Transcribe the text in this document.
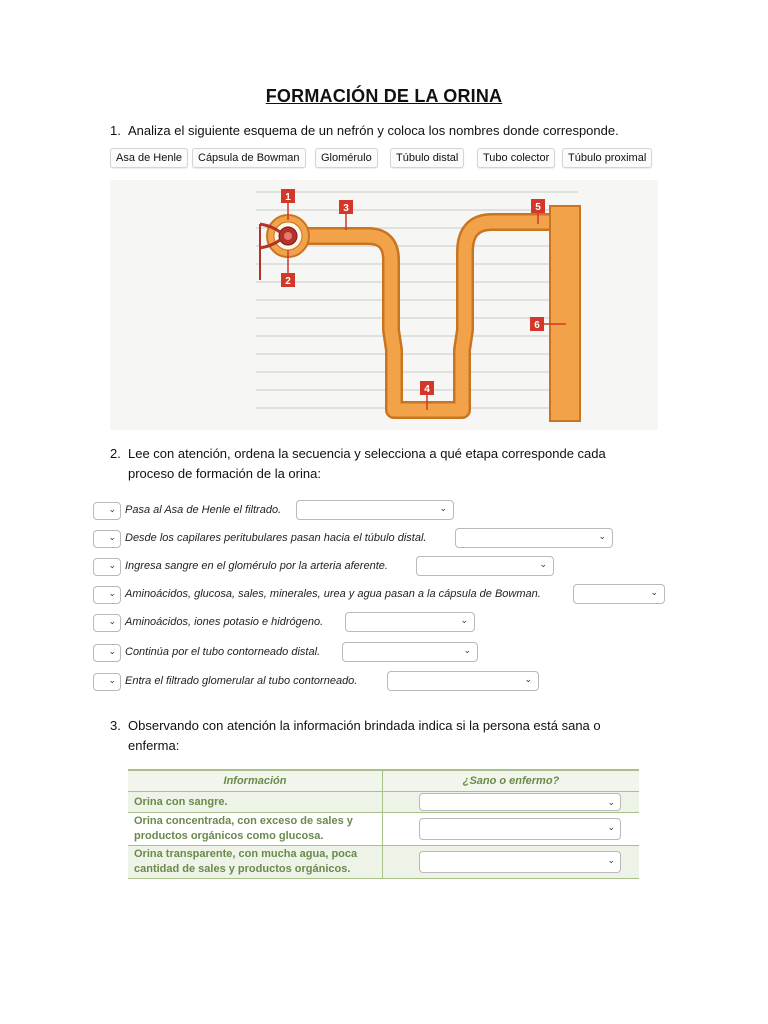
FORMACIÓN DE LA ORINA
1. Analiza el siguiente esquema de un nefrón y coloca los nombres donde corresponde.
Asa de Henle	Cápsula de Bowman	Glomérulo	Túbulo distal	Tubo colector	Túbulo proximal
1
2
3
4
5
6
2. Lee con atención, ordena la secuencia y selecciona a qué etapa corresponde cada proceso de formación de la orina:
⌄ Pasa al Asa de Henle el filtrado.	⌄
⌄ Desde los capilares peritubulares pasan hacia el túbulo distal.	⌄
⌄ Ingresa sangre en el glomérulo por la arteria aferente.	⌄
⌄ Aminoácidos, glucosa, sales, minerales, urea y agua pasan a la cápsula de Bowman.	⌄
⌄ Aminoácidos, iones potasio e hidrógeno.	⌄
⌄ Continúa por el tubo contorneado distal.	⌄
⌄ Entra el filtrado glomerular al tubo contorneado.	⌄
3. Observando con atención la información brindada indica si la persona está sana o enferma:
Información	¿Sano o enfermo?
Orina con sangre.	⌄

Orina concentrada, con exceso de sales y productos orgánicos como glucosa.	⌄

Orina transparente, con mucha agua, poca cantidad de sales y productos orgánicos.	⌄
